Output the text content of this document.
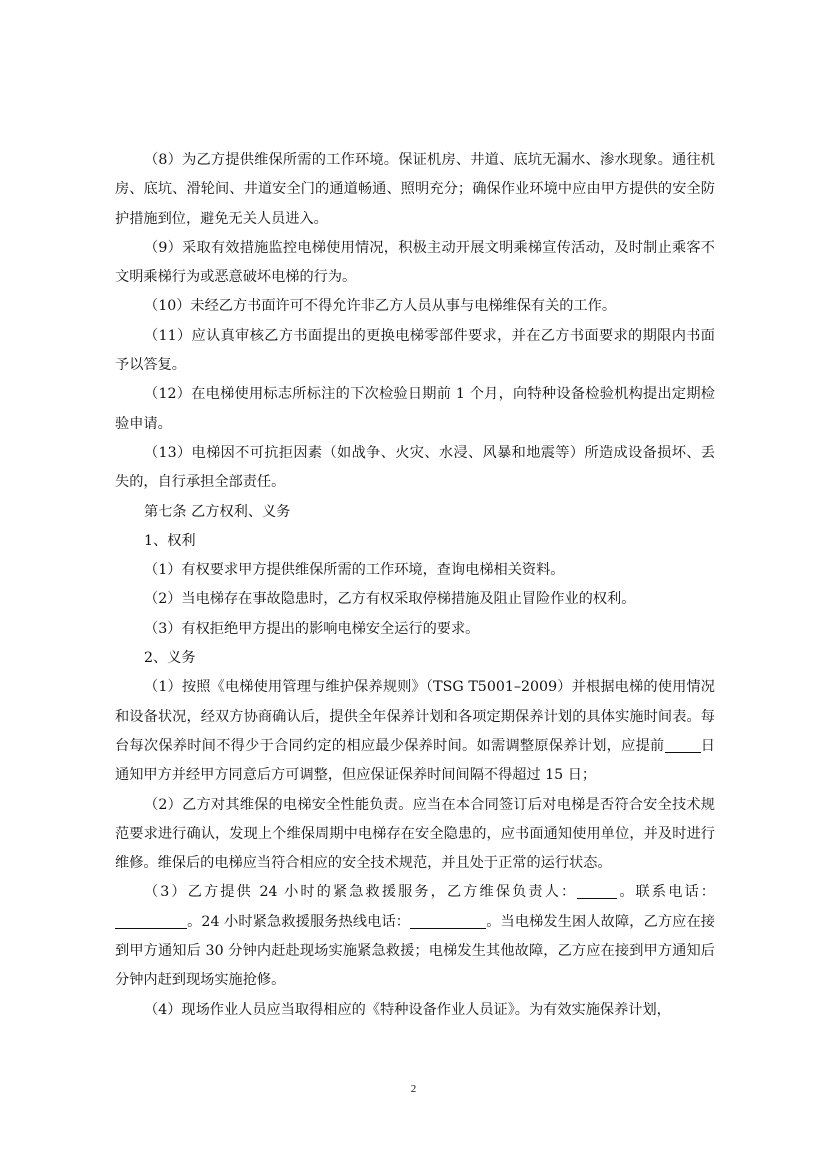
（8）为乙方提供维保所需的工作环境。保证机房、井道、底坑无漏水、渗水现象。通往机房、底坑、滑轮间、井道安全门的通道畅通、照明充分；确保作业环境中应由甲方提供的安全防护措施到位，避免无关人员进入。

（9）采取有效措施监控电梯使用情况，积极主动开展文明乘梯宣传活动，及时制止乘客不文明乘梯行为或恶意破坏电梯的行为。

（10）未经乙方书面许可不得允许非乙方人员从事与电梯维保有关的工作。

（11）应认真审核乙方书面提出的更换电梯零部件要求，并在乙方书面要求的期限内书面予以答复。

（12）在电梯使用标志所标注的下次检验日期前 1 个月，向特种设备检验机构提出定期检验申请。

（13）电梯因不可抗拒因素（如战争、火灾、水浸、风暴和地震等）所造成设备损坏、丢失的，自行承担全部责任。

第七条 乙方权利、义务

1、权利

（1）有权要求甲方提供维保所需的工作环境，查询电梯相关资料。

（2）当电梯存在事故隐患时，乙方有权采取停梯措施及阻止冒险作业的权利。

（3）有权拒绝甲方提出的影响电梯安全运行的要求。

2、义务

（1）按照《电梯使用管理与维护保养规则》（TSG T5001–2009）并根据电梯的使用情况和设备状况，经双方协商确认后，提供全年保养计划和各项定期保养计划的具体实施时间表。每台每次保养时间不得少于合同约定的相应最少保养时间。如需调整原保养计划，应提前	日通知甲方并经甲方同意后方可调整，但应保证保养时间间隔不得超过 15 日；

（2）乙方对其维保的电梯安全性能负责。应当在本合同签订后对电梯是否符合安全技术规范要求进行确认，发现上个维保周期中电梯存在安全隐患的，应书面通知使用单位，并及时进行维修。维保后的电梯应当符合相应的安全技术规范，并且处于正常的运行状态。

（3）乙方提供 24 小时的紧急救援服务，乙方维保负责人：	。联系电话：。24 小时紧急救援服务热线电话：	。当电梯发生困人故障，乙方应在接到甲方通知后 30 分钟内赶赴现场实施紧急救援；电梯发生其他故障，乙方应在接到甲方通知后分钟内赶到现场实施抢修。

（4）现场作业人员应当取得相应的《特种设备作业人员证》。为有效实施保养计划，

2
